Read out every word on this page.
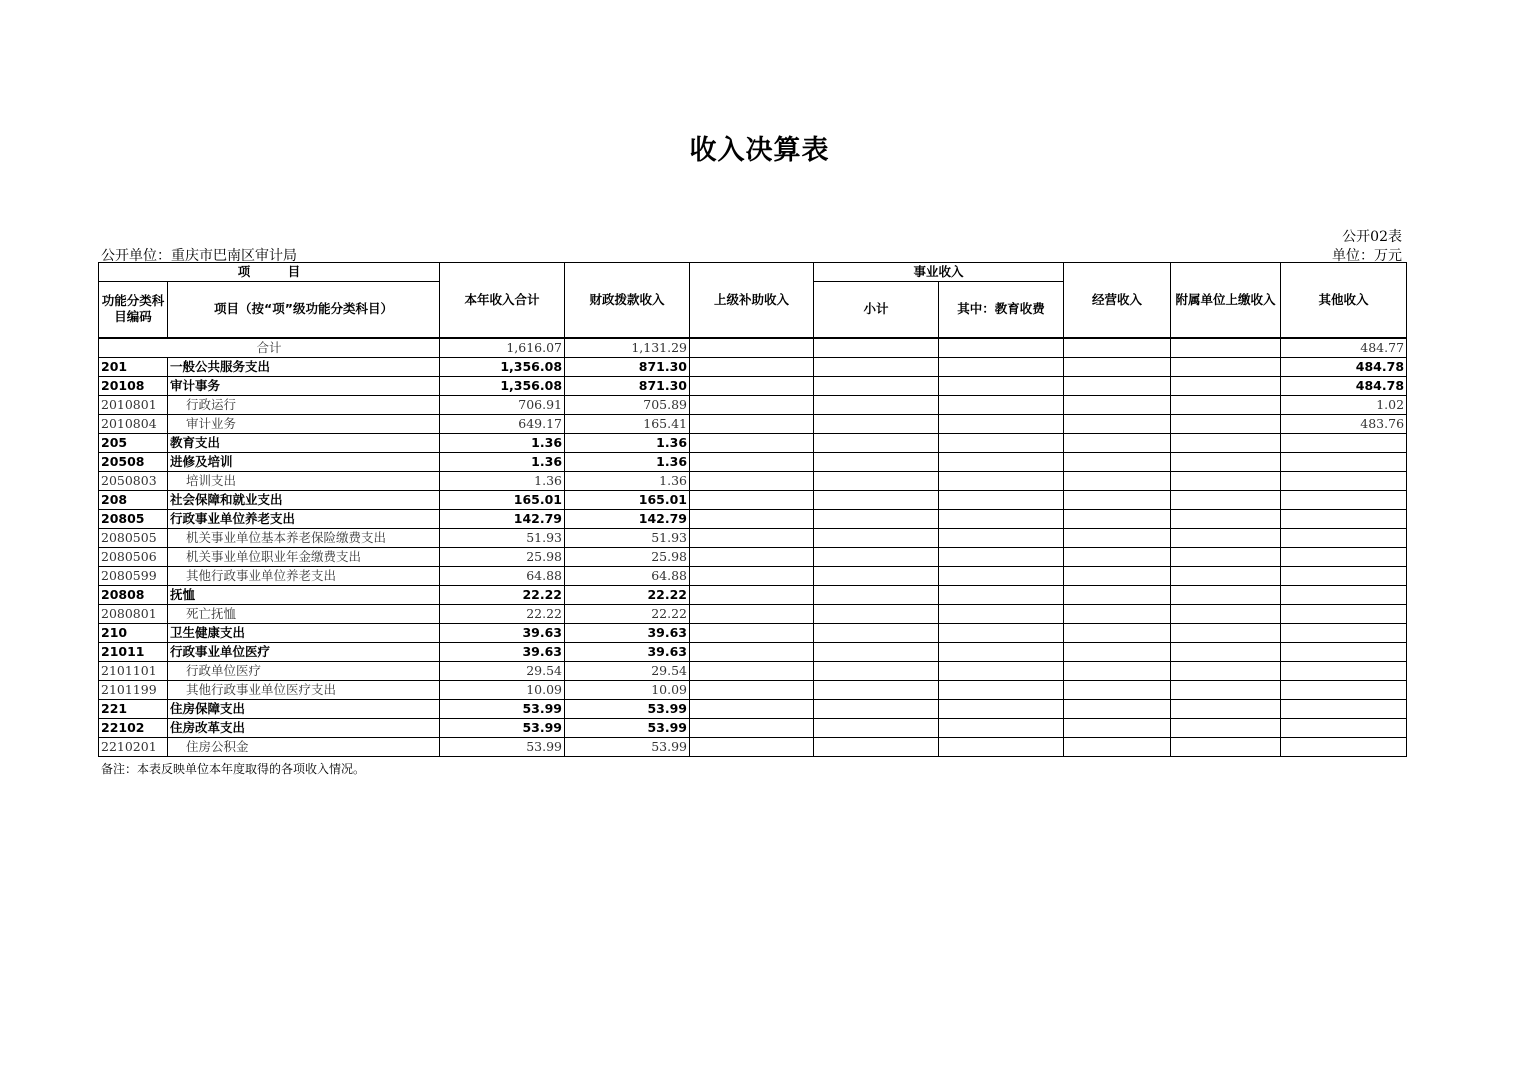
收入决算表
公开02表
公开单位：重庆市巴南区审计局	单位：万元
项　　　目		本年收入合计	财政拨款收入	上级补助收入	事业收入		经营收入	附属单位上缴收入	其他收入
功能分类科目编码	项目（按“项”级功能分类科目）				小计	其中：教育收费			
合计		1,616.07	1,131.29						484.77
201	一般公共服务支出	1,356.08	871.30						484.78
20108	审计事务	1,356.08	871.30						484.78
2010801	行政运行	706.91	705.89						1.02
2010804	审计业务	649.17	165.41						483.76
205	教育支出	1.36	1.36						
20508	进修及培训	1.36	1.36						
2050803	培训支出	1.36	1.36						
208	社会保障和就业支出	165.01	165.01						
20805	行政事业单位养老支出	142.79	142.79						
2080505	机关事业单位基本养老保险缴费支出	51.93	51.93						
2080506	机关事业单位职业年金缴费支出	25.98	25.98						
2080599	其他行政事业单位养老支出	64.88	64.88						
20808	抚恤	22.22	22.22						
2080801	死亡抚恤	22.22	22.22						
210	卫生健康支出	39.63	39.63						
21011	行政事业单位医疗	39.63	39.63						
2101101	行政单位医疗	29.54	29.54						
2101199	其他行政事业单位医疗支出	10.09	10.09						
221	住房保障支出	53.99	53.99						
22102	住房改革支出	53.99	53.99						
2210201	住房公积金	53.99	53.99						
备注：本表反映单位本年度取得的各项收入情况。
